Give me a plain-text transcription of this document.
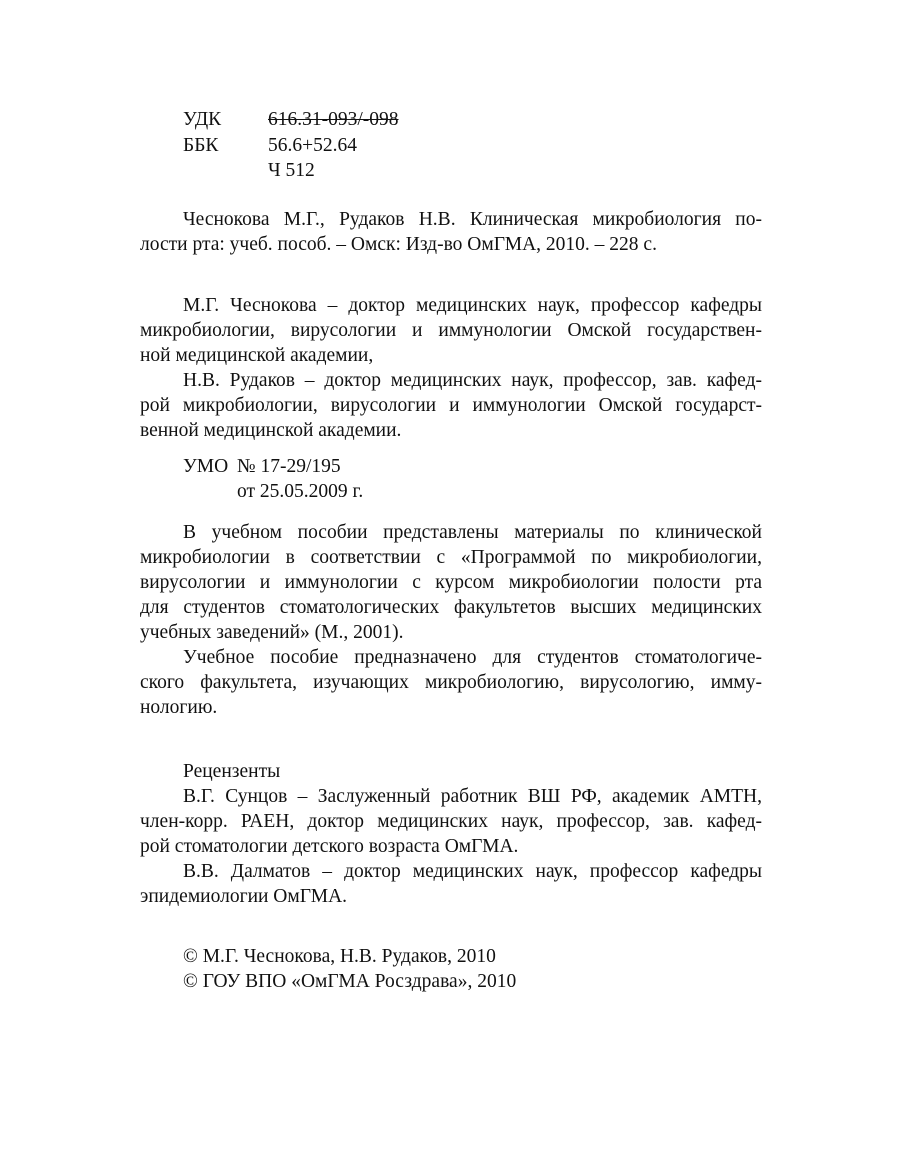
УДК 616.31-093/-098
ББК	56.6+52.64
Ч 512
Чеснокова М.Г., Рудаков Н.В. Клиническая микробиология по-
лости рта: учеб. пособ. – Омск: Изд-во ОмГМА, 2010. – 228 с.
М.Г. Чеснокова – доктор медицинских наук, профессор кафедры
микробиологии, вирусологии и иммунологии Омской государствен-
ной медицинской академии,
Н.В. Рудаков – доктор медицинских наук, профессор, зав. кафед-
рой микробиологии, вирусологии и иммунологии Омской государст-
венной медицинской академии.
УМО № 17-29/195
от 25.05.2009 г.
В учебном пособии представлены материалы по клинической
микробиологии в соответствии с «Программой по микробиологии,
вирусологии и иммунологии с курсом микробиологии полости рта
для студентов стоматологических факультетов высших медицинских
учебных заведений» (М., 2001).
Учебное пособие предназначено для студентов стоматологиче-
ского факультета, изучающих микробиологию, вирусологию, имму-
нологию.
Рецензенты
В.Г. Сунцов – Заслуженный работник ВШ РФ, академик АМТН,
член-корр. РАЕН, доктор медицинских наук, профессор, зав. кафед-
рой стоматологии детского возраста ОмГМА.
В.В. Далматов – доктор медицинских наук, профессор кафедры
эпидемиологии ОмГМА.
© М.Г. Чеснокова, Н.В. Рудаков, 2010
© ГОУ ВПО «ОмГМА Росздрава», 2010
